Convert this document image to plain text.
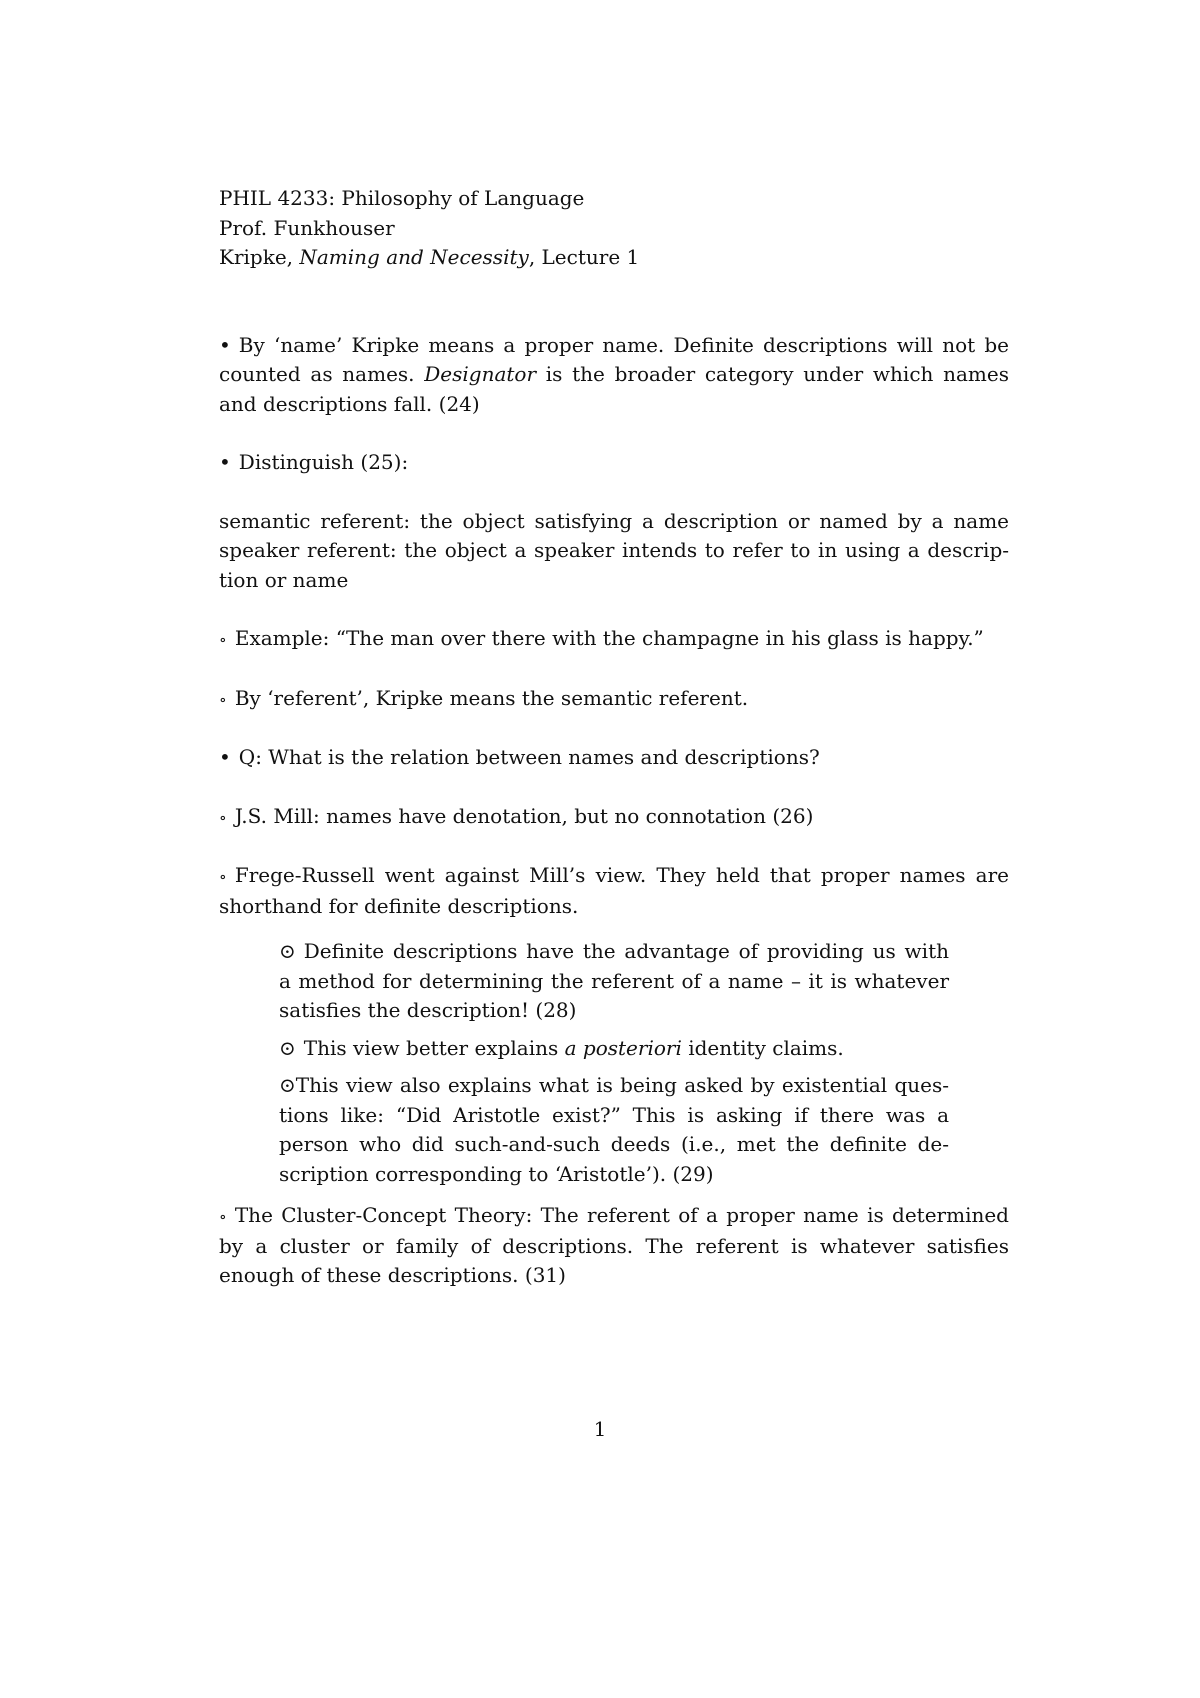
PHIL 4233: Philosophy of Language
Prof. Funkhouser
Kripke, Naming and Necessity, Lecture 1
• By ‘name’ Kripke means a proper name. Definite descriptions will not be
counted as names. Designator is the broader category under which names
and descriptions fall. (24)
• Distinguish (25):
semantic referent: the object satisfying a description or named by a name
speaker referent: the object a speaker intends to refer to in using a descrip-
tion or name
∘ Example: “The man over there with the champagne in his glass is happy.”
∘ By ‘referent’, Kripke means the semantic referent.
• Q: What is the relation between names and descriptions?
∘ J.S. Mill: names have denotation, but no connotation (26)
∘ Frege-Russell went against Mill’s view. They held that proper names are
shorthand for definite descriptions.
⊙ Definite descriptions have the advantage of providing us with
a method for determining the referent of a name – it is whatever
satisfies the description! (28)
⊙ This view better explains a posteriori identity claims.
⊙This view also explains what is being asked by existential ques-
tions like: “Did Aristotle exist?” This is asking if there was a
person who did such-and-such deeds (i.e., met the definite de-
scription corresponding to ‘Aristotle’). (29)
∘ The Cluster-Concept Theory: The referent of a proper name is determined
by a cluster or family of descriptions. The referent is whatever satisfies
enough of these descriptions. (31)
1
